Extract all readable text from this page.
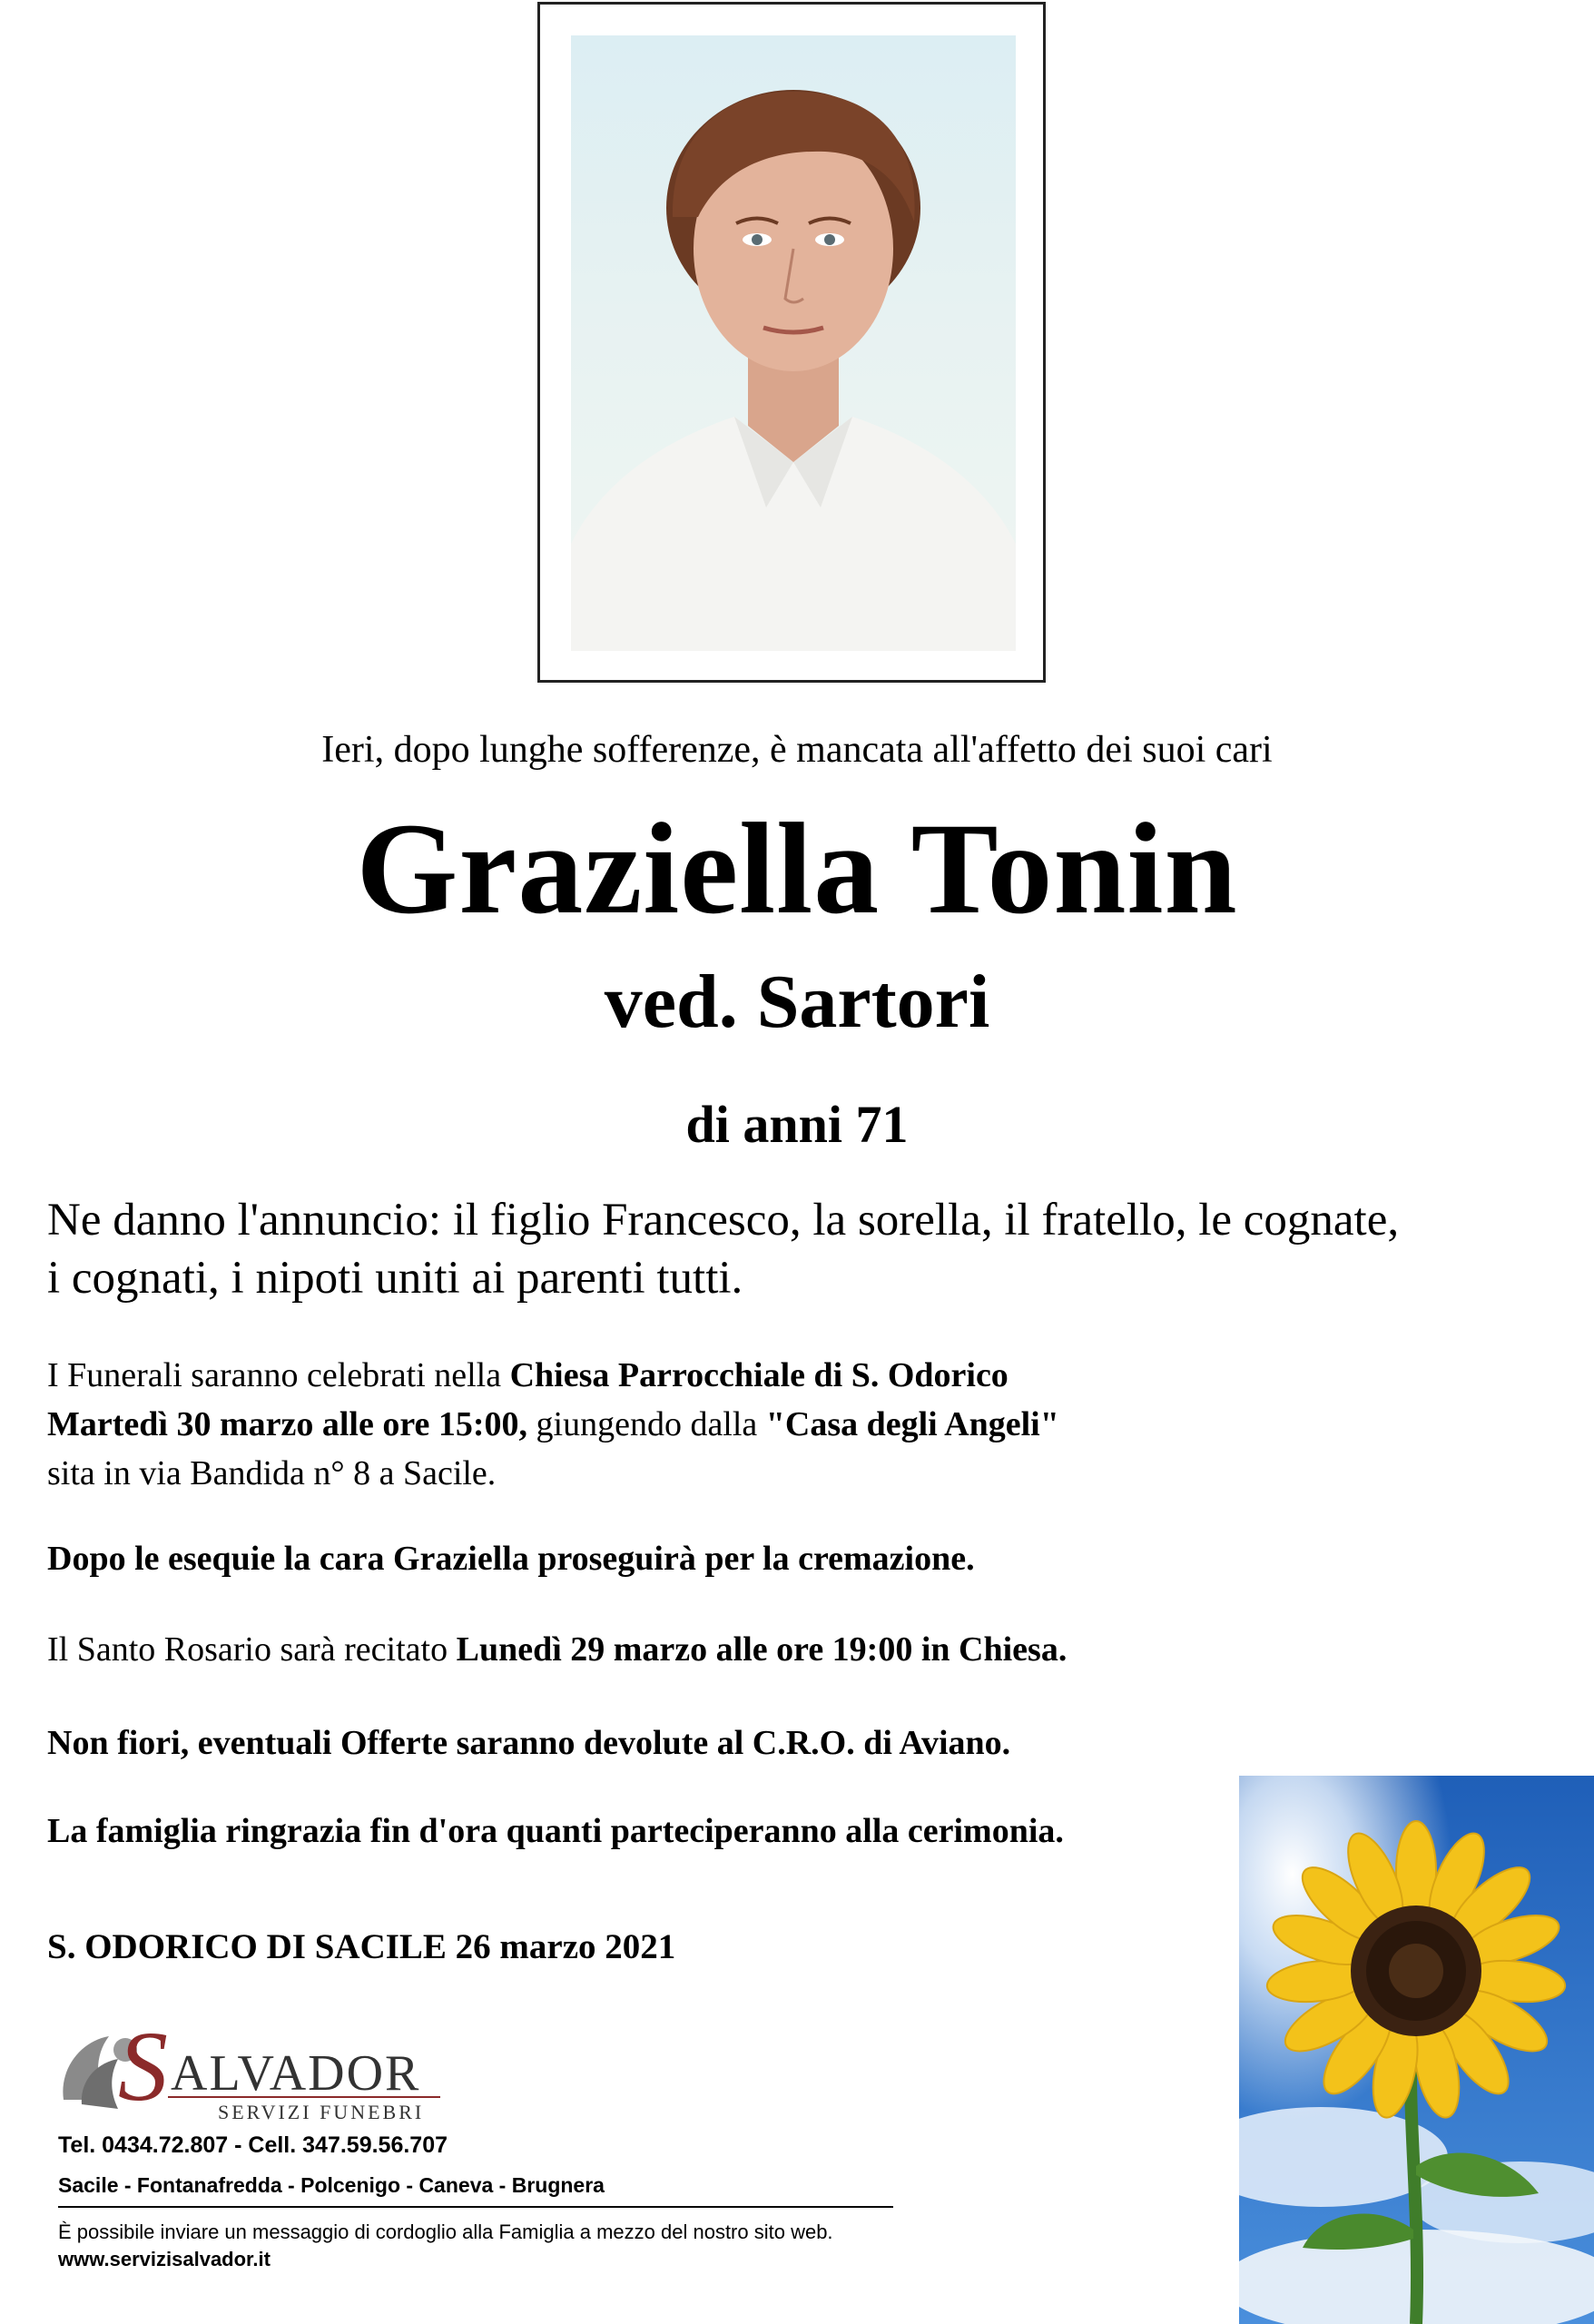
Ieri, dopo lunghe sofferenze, è mancata all'affetto dei suoi cari
Graziella Tonin
ved. Sartori
di anni 71
Ne danno l'annuncio: il figlio Francesco, la sorella, il fratello, le cognate,
i cognati, i nipoti uniti ai parenti tutti.
I Funerali saranno celebrati nella Chiesa Parrocchiale di S. Odorico
Martedì 30 marzo alle ore 15:00, giungendo dalla "Casa degli Angeli"
sita in via Bandida n° 8 a Sacile.
Dopo le esequie la cara Graziella proseguirà per la cremazione.
Il Santo Rosario sarà recitato Lunedì 29 marzo alle ore 19:00 in Chiesa.
Non fiori, eventuali Offerte saranno devolute al C.R.O. di Aviano.
La famiglia ringrazia fin d'ora quanti parteciperanno alla cerimonia.
S. ODORICO DI SACILE 26 marzo 2021
S ALVADOR
SERVIZI FUNEBRI
Tel. 0434.72.807 - Cell. 347.59.56.707
Sacile - Fontanafredda - Polcenigo - Caneva - Brugnera
È possibile inviare un messaggio di cordoglio alla Famiglia a mezzo del nostro sito web.
www.servizisalvador.it
